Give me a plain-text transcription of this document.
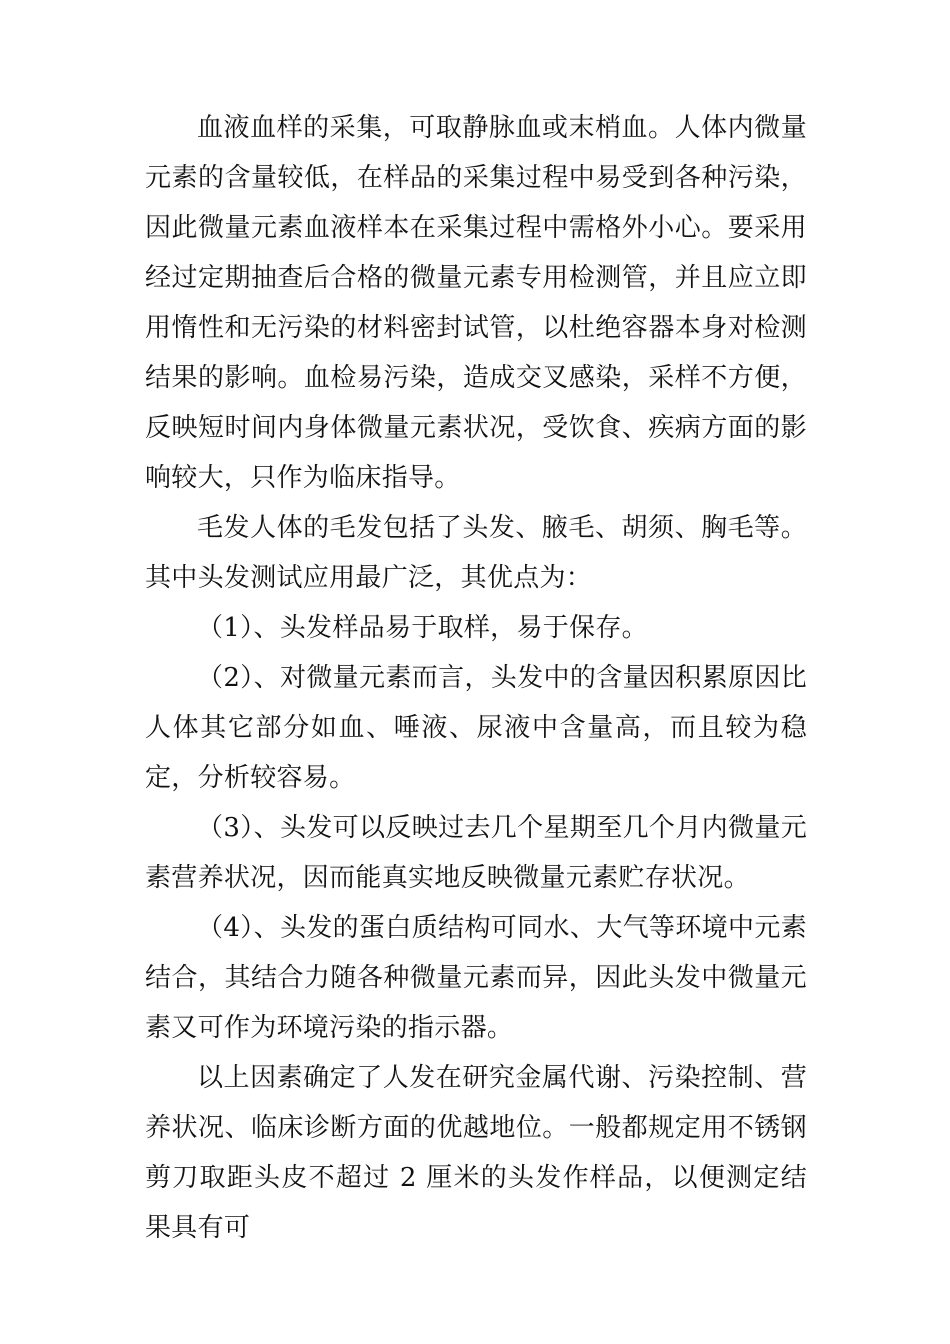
血液血样的采集，可取静脉血或末梢血。人体内微量元素的含量较低，在样品的采集过程中易受到各种污染，因此微量元素血液样本在采集过程中需格外小心。要采用经过定期抽查后合格的微量元素专用检测管，并且应立即用惰性和无污染的材料密封试管，以杜绝容器本身对检测结果的影响。血检易污染，造成交叉感染，采样不方便，反映短时间内身体微量元素状况，受饮食、疾病方面的影响较大，只作为临床指导。

毛发人体的毛发包括了头发、腋毛、胡须、胸毛等。其中头发测试应用最广泛，其优点为：

（1）、头发样品易于取样，易于保存。

（2）、对微量元素而言，头发中的含量因积累原因比人体其它部分如血、唾液、尿液中含量高，而且较为稳定，分析较容易。

（3）、头发可以反映过去几个星期至几个月内微量元素营养状况，因而能真实地反映微量元素贮存状况。

（4）、头发的蛋白质结构可同水、大气等环境中元素结合，其结合力随各种微量元素而异，因此头发中微量元素又可作为环境污染的指示器。

以上因素确定了人发在研究金属代谢、污染控制、营养状况、临床诊断方面的优越地位。一般都规定用不锈钢剪刀取距头皮不超过 2 厘米的头发作样品，以便测定结果具有可
